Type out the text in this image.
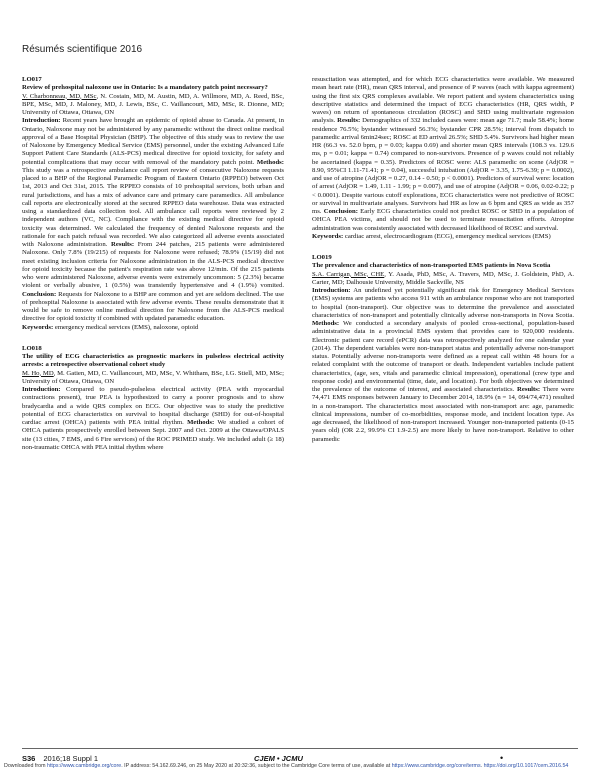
Résumés scientifique 2016

LO017

Review of prehospital naloxone use in Ontario: Is a mandatory patch point necessary?

V. Charbonneau, MD, MSc, N. Costain, MD, M. Austin, MD, A. Willmore, MD, A. Reed, BSc, BPE, MSc, MD, J. Maloney, MD, J. Lewis, BSc, C. Vaillancourt, MD, MSc, R. Dionne, MD; University of Ottawa, Ottawa, ON

Introduction: Recent years have brought an epidemic of opioid abuse to Canada. At present, in Ontario, Naloxone may not be administered by any paramedic without the direct online medical approval of a Base Hospital Physician (BHP). The objective of this study was to review the use of Naloxone by Emergency Medical Service (EMS) personnel, under the existing Advanced Life Support Patient Care Standards (ALS-PCS) medical directive for opioid toxicity, for safety and potential complications that may occur with removal of the mandatory patch point. Methods: This study was a retrospective ambulance call report review of consecutive Naloxone requests placed to a BHP of the Regional Paramedic Program of Eastern Ontario (RPPEO) between Oct 1st, 2013 and Oct 31st, 2015. The RPPEO consists of 10 prehospital services, both urban and rural jurisdictions, and has a mix of advance care and primary care paramedics. All ambulance call reports are electronically stored at the secured RPPEO data warehouse. Data was extracted using a standardized data collection tool. All ambulance call reports were reviewed by 2 independent authors (VC, NC). Compliance with the existing medical directive for opioid toxicity was determined. We calculated the frequency of denied Naloxone requests and the rationale for each patch refusal was recorded. We also categorized all adverse events associated with Naloxone administration. Results: From 244 patches, 215 patients were administered Naloxone. Only 7.8% (19/215) of requests for Naloxone were refused; 78.9% (15/19) did not meet existing inclusion criteria for Naloxone administration in the ALS-PCS medical directive for opioid toxicity because the patient's respiration rate was above 12/min. Of the 215 patients who were administered Naloxone, adverse events were extremely uncommon: 5 (2.3%) became violent or verbally abusive, 1 (0.5%) was transiently hypertensive and 4 (1.9%) vomited. Conclusion: Requests for Naloxone to a BHP are common and yet are seldom declined. The use of prehospital Naloxone is associated with few adverse events. These results demonstrate that it would be safe to remove online medical direction for Naloxone from the ALS-PCS medical directive for opioid toxicity if combined with updated paramedic education.

Keywords: emergency medical services (EMS), naloxone, opioid

LO018

The utility of ECG characteristics as prognostic markers in pulseless electrical activity arrests: a retrospective observational cohort study

M. Ho, MD, M. Gatien, MD, C. Vaillancourt, MD, MSc, V. Whitham, BSc, I.G. Stiell, MD, MSc; University of Ottawa, Ottawa, ON

Introduction: Compared to pseudo-pulseless electrical activity (PEA with myocardial contractions present), true PEA is hypothesized to carry a poorer prognosis and to show bradycardia and a wide QRS complex on ECG. Our objective was to study the predictive potential of ECG characteristics on survival to hospital discharge (SHD) for out-of-hospital cardiac arrest (OHCA) patients with PEA initial rhythm. Methods: We studied a cohort of OHCA patients prospectively enrolled between Sept. 2007 and Oct. 2009 at the Ottawa/OPALS site (13 cities, 7 EMS, and 6 Fire services) of the ROC PRIMED study. We included adult (≥ 18) non-traumatic OHCA with PEA initial rhythm where

resuscitation was attempted, and for which ECG characteristics were available. We measured mean heart rate (HR), mean QRS interval, and presence of P waves (each with kappa agreement) using the first six QRS complexes available. We report patient and system characteristics using descriptive statistics and determined the impact of ECG characteristics (HR, QRS width, P waves) on return of spontaneous circulation (ROSC) and SHD using multivariate regression analysis. Results: Demographics of 332 included cases were: mean age 71.7; male 58.4%; home residence 76.5%; bystander witnessed 56.3%; bystander CPR 28.5%; interval from dispatch to paramedic arrival 6min24sec; ROSC at ED arrival 26.5%; SHD 5.4%. Survivors had higher mean HR (66.3 vs. 52.0 bpm, p = 0.03; kappa 0.69) and shorter mean QRS intervals (108.3 vs. 129.6 ms, p = 0.01; kappa = 0.74) compared to non-survivors. Presence of p waves could not reliably be ascertained (kappa = 0.35). Predictors of ROSC were: ALS paramedic on scene (AdjOR = 8.90, 95%CI 1.11-71.41; p = 0.04), successful intubation (AdjOR = 3.35, 1.75-6.39; p = 0.0002), and use of atropine (AdjOR = 0.27, 0.14 - 0.50; p < 0.0001). Predictors of survival were: location of arrest (AdjOR = 1.49, 1.11 - 1.99; p = 0.007), and use of atropine (AdjOR = 0.06, 0.02-0.22; p < 0.0001). Despite various cutoff explorations, ECG characteristics were not predictive of ROSC or survival in multivariate analyses. Survivors had HR as low as 6 bpm and QRS as wide as 357 ms. Conclusion: Early ECG characteristics could not predict ROSC or SHD in a population of OHCA PEA victims, and should not be used to terminate resuscitation efforts. Atropine administration was consistently associated with decreased likelihood of ROSC and survival.

Keywords: cardiac arrest, electrocardiogram (ECG), emergency medical services (EMS)

LO019

The prevalence and characteristics of non-transported EMS patients in Nova Scotia

S.A. Carrigan, MSc, CHE, Y. Asada, PhD, MSc, A. Travers, MD, MSc, J. Goldstein, PhD, A. Carter, MD; Dalhousie University, Middle Sackville, NS

Introduction: An undefined yet potentially significant risk for Emergency Medical Services (EMS) systems are patients who access 911 with an ambulance response who are not transported to hospital (non-transport). Our objective was to determine the prevalence and associated characteristics of non-transport and potentially clinically adverse non-transports in Nova Scotia. Methods: We conducted a secondary analysis of pooled cross-sectional, population-based administrative data in a provincial EMS system that provides care to 920,000 residents. Electronic patient care record (ePCR) data was retrospectively analyzed for one calendar year (2014). The dependent variables were non-transport status and potentially adverse non-transport status. Potentially adverse non-transports were defined as a repeat call within 48 hours for a related complaint with the outcome of transport or death. Independent variables include patient characteristics, (age, sex, vitals and paramedic clinical impression), operational (crew type and response code) and environmental (time, date, and location). For both objectives we determined the prevalence of the outcome of interest, and associated characteristics. Results: There were 74,471 EMS responses between January to December 2014, 18.9% (n = 14, 094/74,471) resulted in a non-transport. The characteristics most associated with non-transport are: age, paramedic clinical impressions, number of co-morbidities, response mode, and incident location type. As age decreased, the likelihood of non-transport increased. Younger non-transported patients (0-15 years old) (OR 2.2, 99.9% CI 1.9-2.5) are more likely to have non-transport. Relative to other paramedic

S36 2016;18 Suppl 1	CJEM • JCMU	•
Downloaded from https://www.cambridge.org/core. IP address: 54.162.69.246, on 25 May 2020 at 20:32:36, subject to the Cambridge Core terms of use, available at https://www.cambridge.org/core/terms. https://doi.org/10.1017/cem.2016.54
